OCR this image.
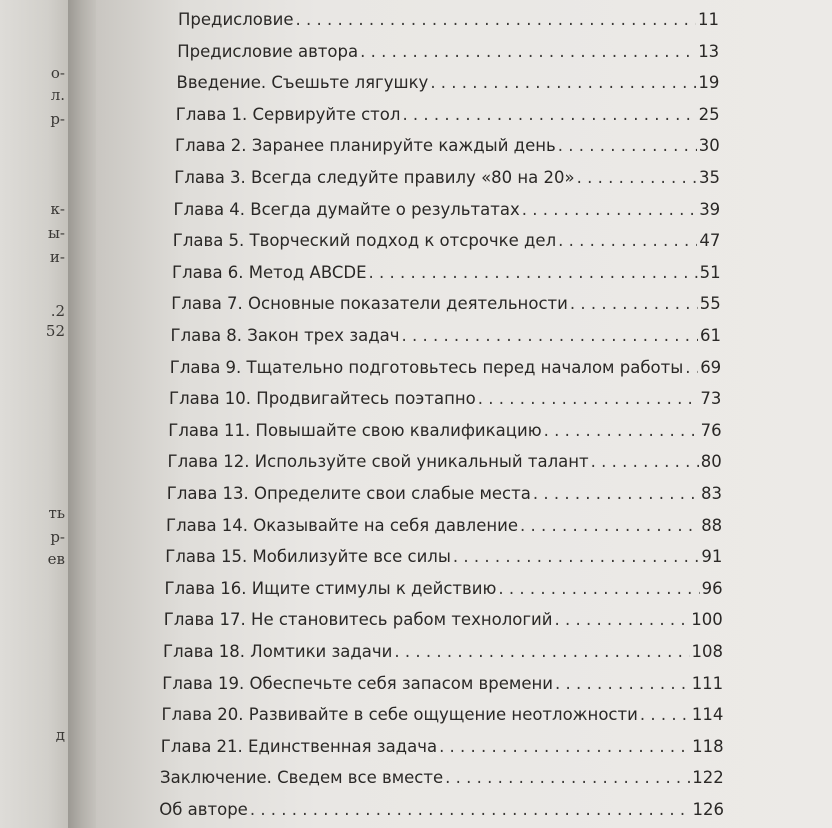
о-
л.
р-
к-
ы-
и-
.2
52
ть
р-
ев
д
Предисловие . . .	11
Предисловие автора . . .	13
Введение. Съешьте лягушку . . .	19
Глава 1. Сервируйте стол . . .	25
Глава 2. Заранее планируйте каждый день . . .	30
Глава 3. Всегда следуйте правилу «80 на 20» . . .	35
Глава 4. Всегда думайте о результатах . . .	39
Глава 5. Творческий подход к отсрочке дел . . .	47
Глава 6. Метод ABCDE . . .	51
Глава 7. Основные показатели деятельности . . .	55
Глава 8. Закон трех задач . . .	61
Глава 9. Тщательно подготовьтесь перед началом работы . . . 69
Глава 10. Продвигайтесь поэтапно . . .	73
Глава 11. Повышайте свою квалификацию . . .	76
Глава 12. Используйте свой уникальный талант . . .	80
Глава 13. Определите свои слабые места . . .	83
Глава 14. Оказывайте на себя давление . . .	88
Глава 15. Мобилизуйте все силы . . .	91
Глава 16. Ищите стимулы к действию . . .	96
Глава 17. Не становитесь рабом технологий . . .	100
Глава 18. Ломтики задачи . . .	108
Глава 19. Обеспечьте себя запасом времени . . .	111
Глава 20. Развивайте в себе ощущение неотложности . . .	114
Глава 21. Единственная задача . . .	118
Заключение. Сведем все вместе . . .	122
Об авторе . . .	126
